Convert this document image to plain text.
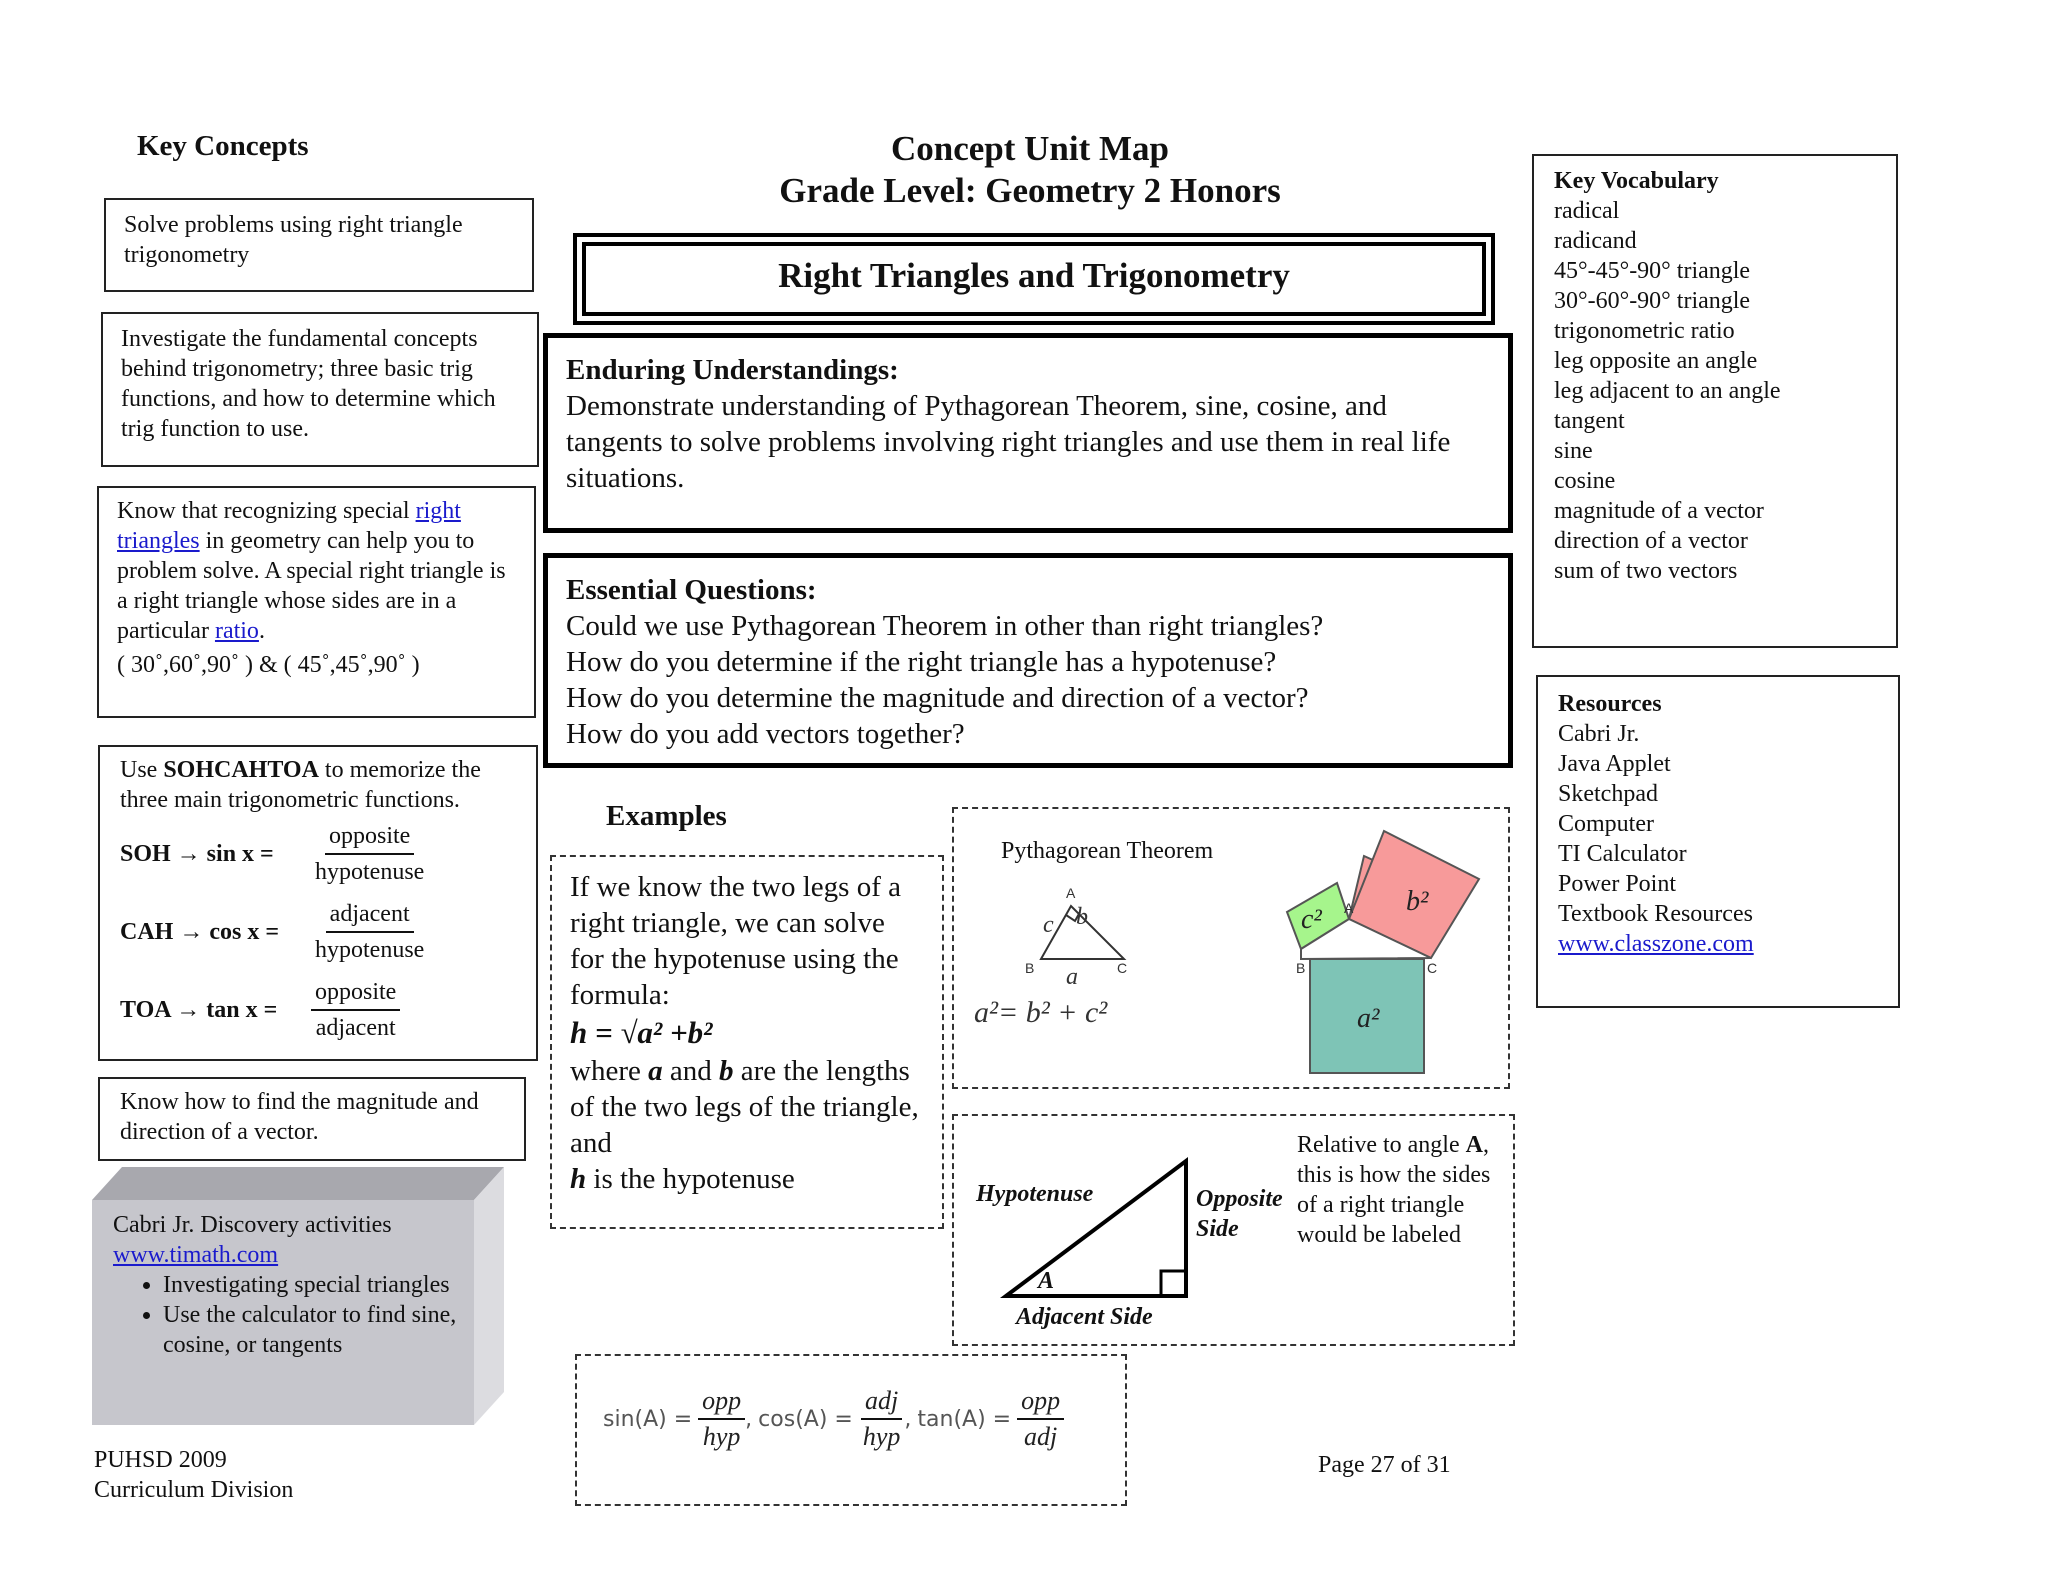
Key Concepts
Solve problems using right triangle trigonometry
Investigate the fundamental concepts behind trigonometry; three basic trig functions, and how to determine which trig function to use.
Know that recognizing special right triangles in geometry can help you to problem solve. A special right triangle is a right triangle whose sides are in a particular ratio.
( 30˚,60˚,90˚ ) & ( 45˚,45˚,90˚ )
Use SOHCAHTOA to memorize the three main trigonometric functions.
SOH → sin x =	$\frac{\text{opposite}}{\text{hypotenuse}}$
CAH → cos x =	$\frac{\text{adjacent}}{\text{hypotenuse}}$
TOA → tan x =	$\frac{\text{opposite}}{\text{adjacent}}$
Know how to find the magnitude and direction of a vector.
Cabri Jr. Discovery activities
www.timath.com
• Investigating special triangles
• Use the calculator to find sine, cosine, or tangents
PUHSD 2009
Curriculum Division
Concept Unit Map
Grade Level: Geometry 2 Honors
Right Triangles and Trigonometry
Enduring Understandings:
Demonstrate understanding of Pythagorean Theorem, sine, cosine, and tangents to solve problems involving right triangles and use them in real life situations.
Essential Questions:
Could we use Pythagorean Theorem in other than right triangles?
How do you determine if the right triangle has a hypotenuse?
How do you determine the magnitude and direction of a vector?
How do you add vectors together?
Examples
If we know the two legs of a right triangle, we can solve for the hypotenuse using the formula:
h = √a² +b²
where a and b are the lengths of the two legs of the triangle, and
h is the hypotenuse
Pythagorean Theorem
A
B	C
c b
a
a²= b² + c²
A
B	C
c²
b²
a²
Hypotenuse	Opposite
Side
Adjacent Side
A
Relative to angle A, this is how the sides of a right triangle would be labeled
$\sin(A) = \frac{\text{opp}}{\text{hyp}}$ , $\cos(A) = \frac{\text{adj}}{\text{hyp}}$ , $\tan(A) = \frac{\text{opp}}{\text{adj}}$
Page 27 of 31
Key Vocabulary
radical
radicand
45°-45°-90° triangle
30°-60°-90° triangle
trigonometric ratio
leg opposite an angle
leg adjacent to an angle
tangent
sine
cosine
magnitude of a vector
direction of a vector
sum of two vectors
Resources
Cabri Jr.
Java Applet
Sketchpad
Computer
TI Calculator
Power Point
Textbook Resources
www.classzone.com
